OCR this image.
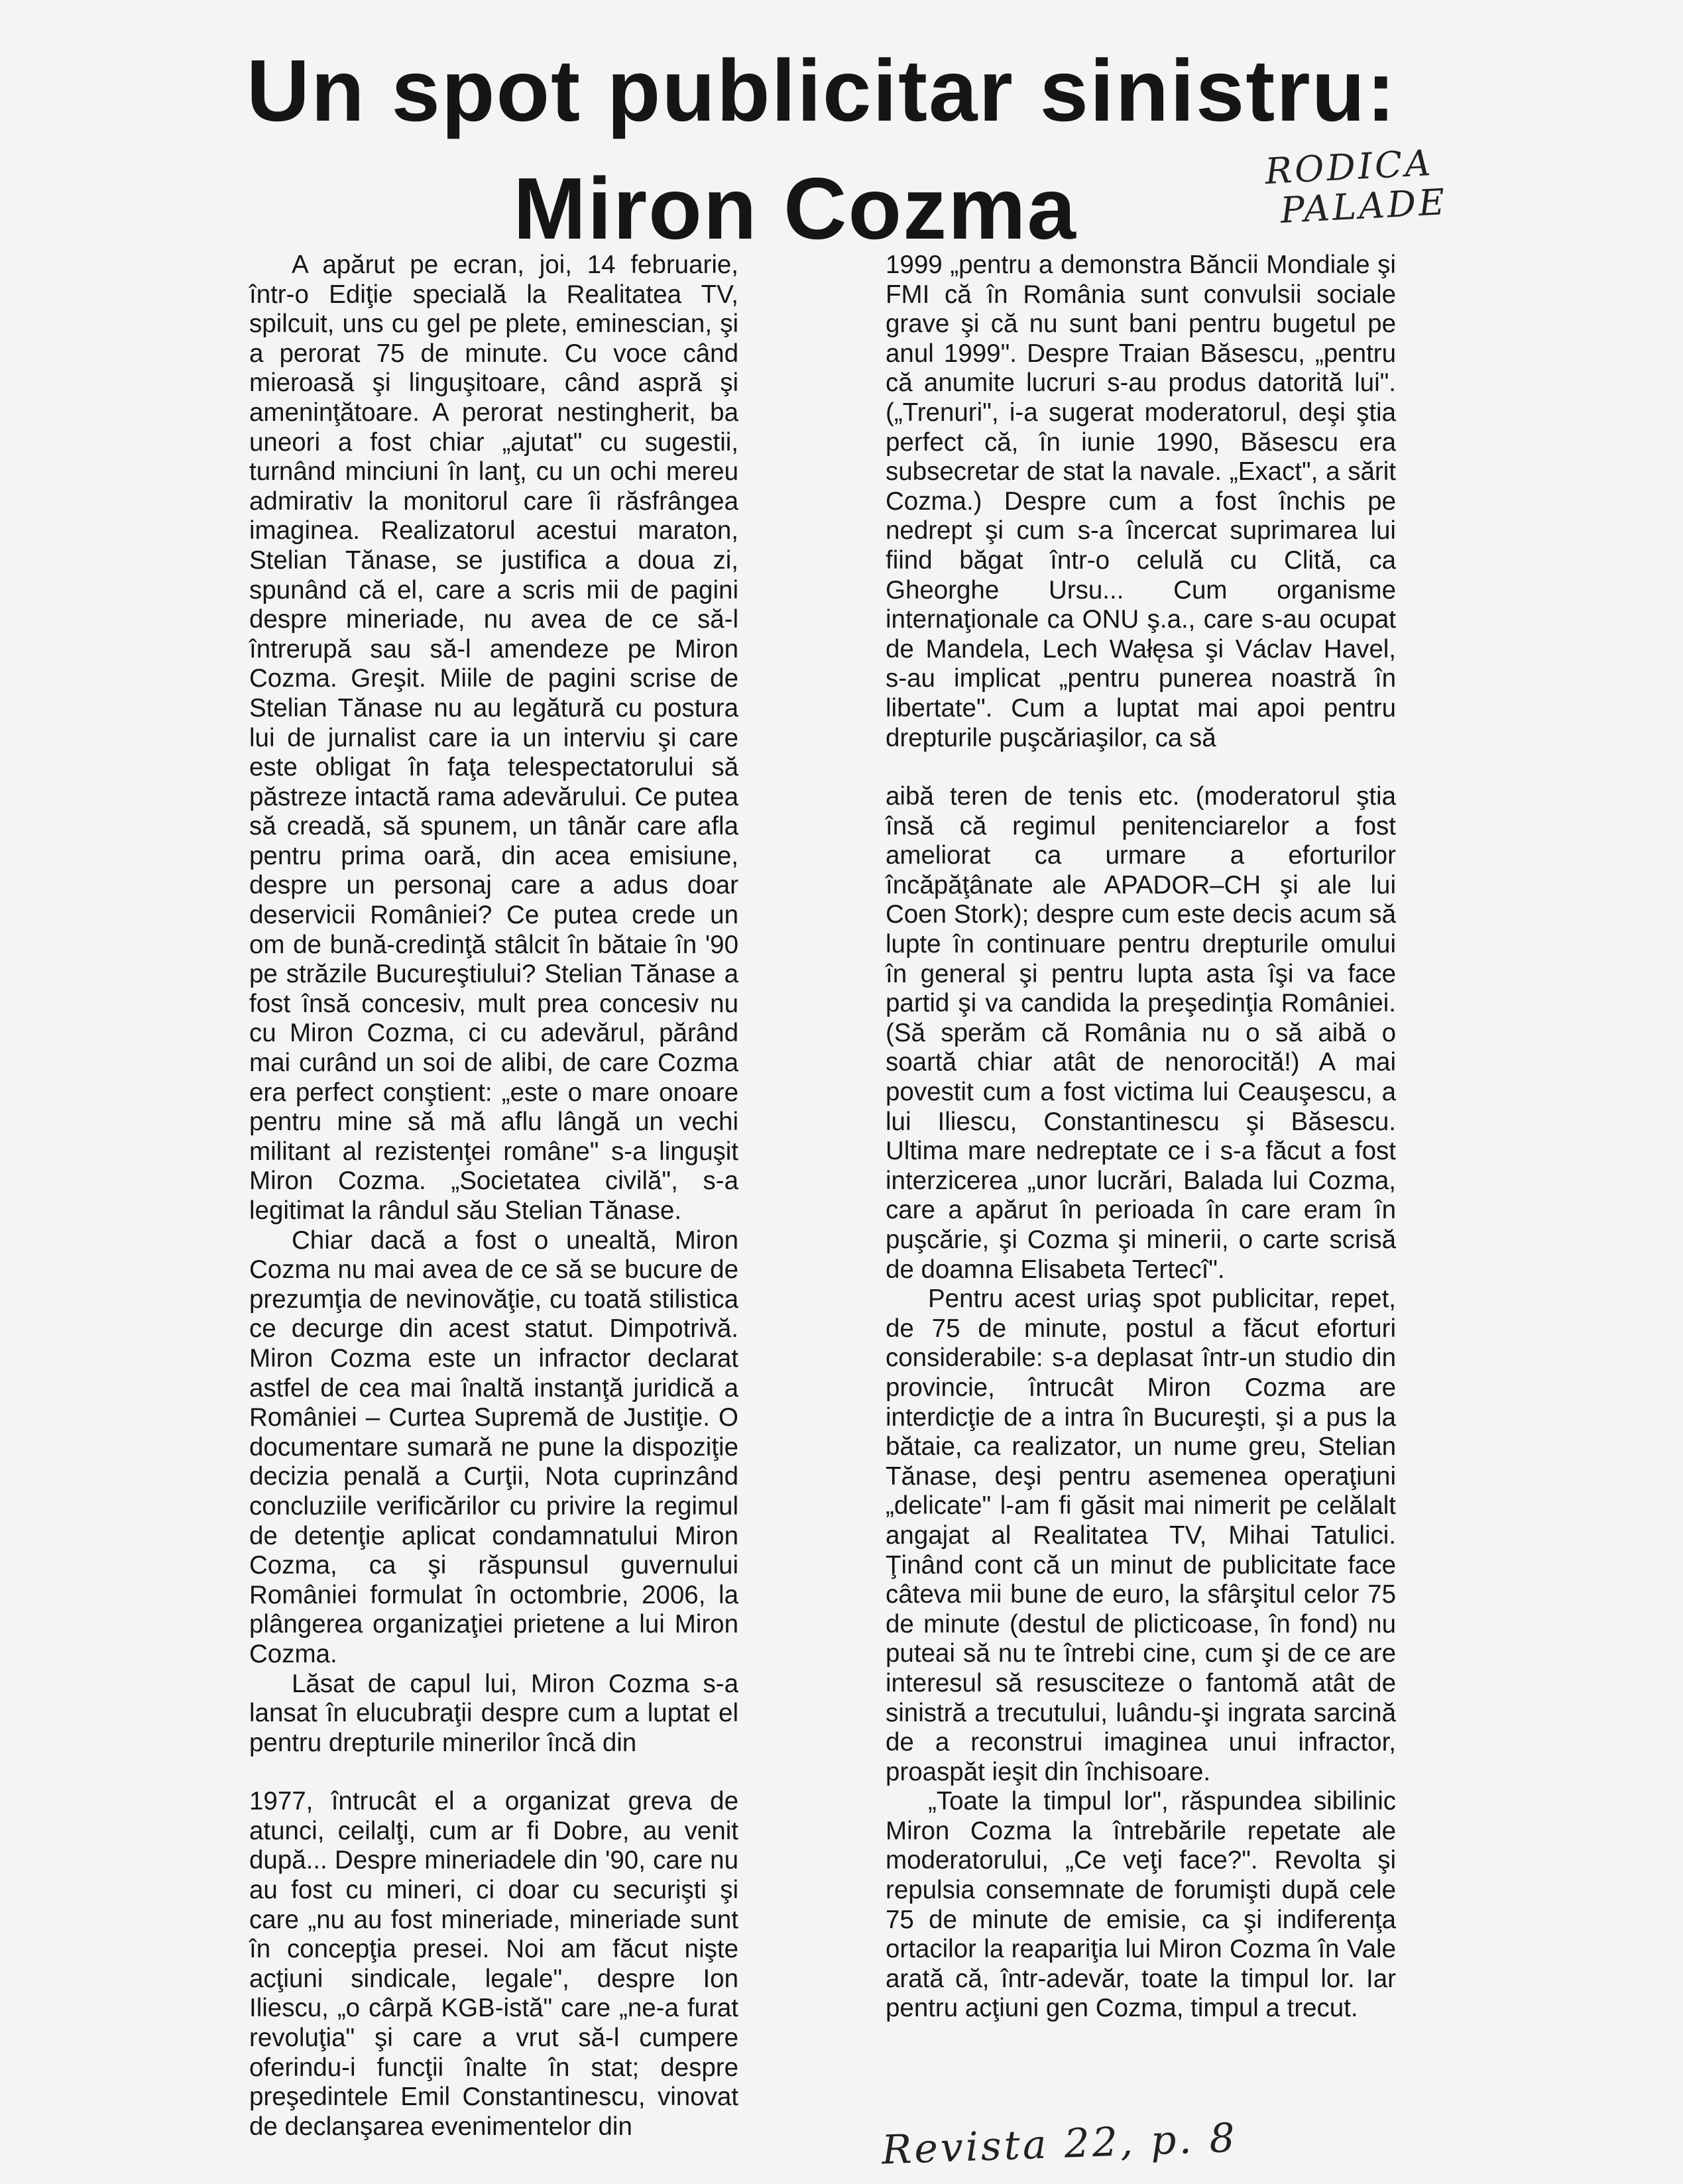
Un spot publicitar sinistru:
Miron Cozma	RODICA
PALADE

A apărut pe ecran, joi, 14 februarie, într-o Ediţie specială la Realitatea TV, spilcuit, uns cu gel pe plete, eminescian, şi a perorat 75 de minute. Cu voce când mieroasă şi linguşitoare, când aspră şi ameninţătoare. A perorat nestingherit, ba uneori a fost chiar „ajutat" cu sugestii, turnând minciuni în lanţ, cu un ochi mereu admirativ la monitorul care îi răsfrângea imaginea. Realizatorul acestui maraton, Stelian Tănase, se justifica a doua zi, spunând că el, care a scris mii de pagini despre mineriade, nu avea de ce să-l întrerupă sau să-l amendeze pe Miron Cozma. Greşit. Miile de pagini scrise de Stelian Tănase nu au legătură cu postura lui de jurnalist care ia un interviu şi care este obligat în faţa telespectatorului să păstreze intactă rama adevărului. Ce putea să creadă, să spunem, un tânăr care afla pentru prima oară, din acea emisiune, despre un personaj care a adus doar deservicii României? Ce putea crede un om de bună-credinţă stâlcit în bătaie în '90 pe străzile Bucureştiului? Stelian Tănase a fost însă concesiv, mult prea concesiv nu cu Miron Cozma, ci cu adevărul, părând mai curând un soi de alibi, de care Cozma era perfect conştient: „este o mare onoare pentru mine să mă aflu lângă un vechi militant al rezistenţei române" s-a linguşit Miron Cozma. „Societatea civilă", s-a legitimat la rândul său Stelian Tănase.

Chiar dacă a fost o unealtă, Miron Cozma nu mai avea de ce să se bucure de prezumţia de nevinovăţie, cu toată stilistica ce decurge din acest statut. Dimpotrivă. Miron Cozma este un infractor declarat astfel de cea mai înaltă instanţă juridică a României – Curtea Supremă de Justiţie. O documentare sumară ne pune la dispoziţie decizia penală a Curţii, Nota cuprinzând concluziile verificărilor cu privire la regimul de detenţie aplicat condamnatului Miron Cozma, ca şi răspunsul guvernului României formulat în octombrie, 2006, la plângerea organizaţiei prietene a lui Miron Cozma.

Lăsat de capul lui, Miron Cozma s-a lansat în elucubraţii despre cum a luptat el pentru drepturile minerilor încă din

1977, întrucât el a organizat greva de atunci, ceilalţi, cum ar fi Dobre, au venit după... Despre mineriadele din '90, care nu au fost cu mineri, ci doar cu securişti şi care „nu au fost mineriade, mineriade sunt în concepţia presei. Noi am făcut nişte acţiuni sindicale, legale", despre Ion Iliescu, „o cârpă KGB-istă" care „ne-a furat revoluţia" şi care a vrut să-l cumpere oferindu-i funcţii înalte în stat; despre preşedintele Emil Constantinescu, vinovat de declanşarea evenimentelor din

1999 „pentru a demonstra Băncii Mondiale şi FMI că în România sunt convulsii sociale grave şi că nu sunt bani pentru bugetul pe anul 1999". Despre Traian Băsescu, „pentru că anumite lucruri s-au produs datorită lui". („Trenuri", i-a sugerat moderatorul, deşi ştia perfect că, în iunie 1990, Băsescu era subsecretar de stat la navale. „Exact", a sărit Cozma.) Despre cum a fost închis pe nedrept şi cum s-a încercat suprimarea lui fiind băgat într-o celulă cu Clită, ca Gheorghe Ursu... Cum organisme internaţionale ca ONU ş.a., care s-au ocupat de Mandela, Lech Wałęsa şi Václav Havel, s-au implicat „pentru punerea noastră în libertate". Cum a luptat mai apoi pentru drepturile puşcăriaşilor, ca să

aibă teren de tenis etc. (moderatorul ştia însă că regimul penitenciarelor a fost ameliorat ca urmare a eforturilor încăpăţânate ale APADOR–CH şi ale lui Coen Stork); despre cum este decis acum să lupte în continuare pentru drepturile omului în general şi pentru lupta asta îşi va face partid şi va candida la preşedinţia României. (Să sperăm că România nu o să aibă o soartă chiar atât de nenorocită!) A mai povestit cum a fost victima lui Ceauşescu, a lui Iliescu, Constantinescu şi Băsescu. Ultima mare nedreptate ce i s-a făcut a fost interzicerea „unor lucrări, Balada lui Cozma, care a apărut în perioada în care eram în puşcărie, şi Cozma şi minerii, o carte scrisă de doamna Elisabeta Tertecî".

Pentru acest uriaş spot publicitar, repet, de 75 de minute, postul a făcut eforturi considerabile: s-a deplasat într-un studio din provincie, întrucât Miron Cozma are interdicţie de a intra în Bucureşti, şi a pus la bătaie, ca realizator, un nume greu, Stelian Tănase, deşi pentru asemenea operaţiuni „delicate" l-am fi găsit mai nimerit pe celălalt angajat al Realitatea TV, Mihai Tatulici. Ţinând cont că un minut de publicitate face câteva mii bune de euro, la sfârşitul celor 75 de minute (destul de plicticoase, în fond) nu puteai să nu te întrebi cine, cum şi de ce are interesul să resusciteze o fantomă atât de sinistră a trecutului, luându-şi ingrata sarcină de a reconstrui imaginea unui infractor, proaspăt ieşit din închisoare.

„Toate la timpul lor", răspundea sibilinic Miron Cozma la întrebările repetate ale moderatorului, „Ce veţi face?". Revolta şi repulsia consemnate de forumişti după cele 75 de minute de emisie, ca şi indiferenţa ortacilor la reapariţia lui Miron Cozma în Vale arată că, într-adevăr, toate la timpul lor. Iar pentru acţiuni gen Cozma, timpul a trecut.

Revista 22, p. 8
